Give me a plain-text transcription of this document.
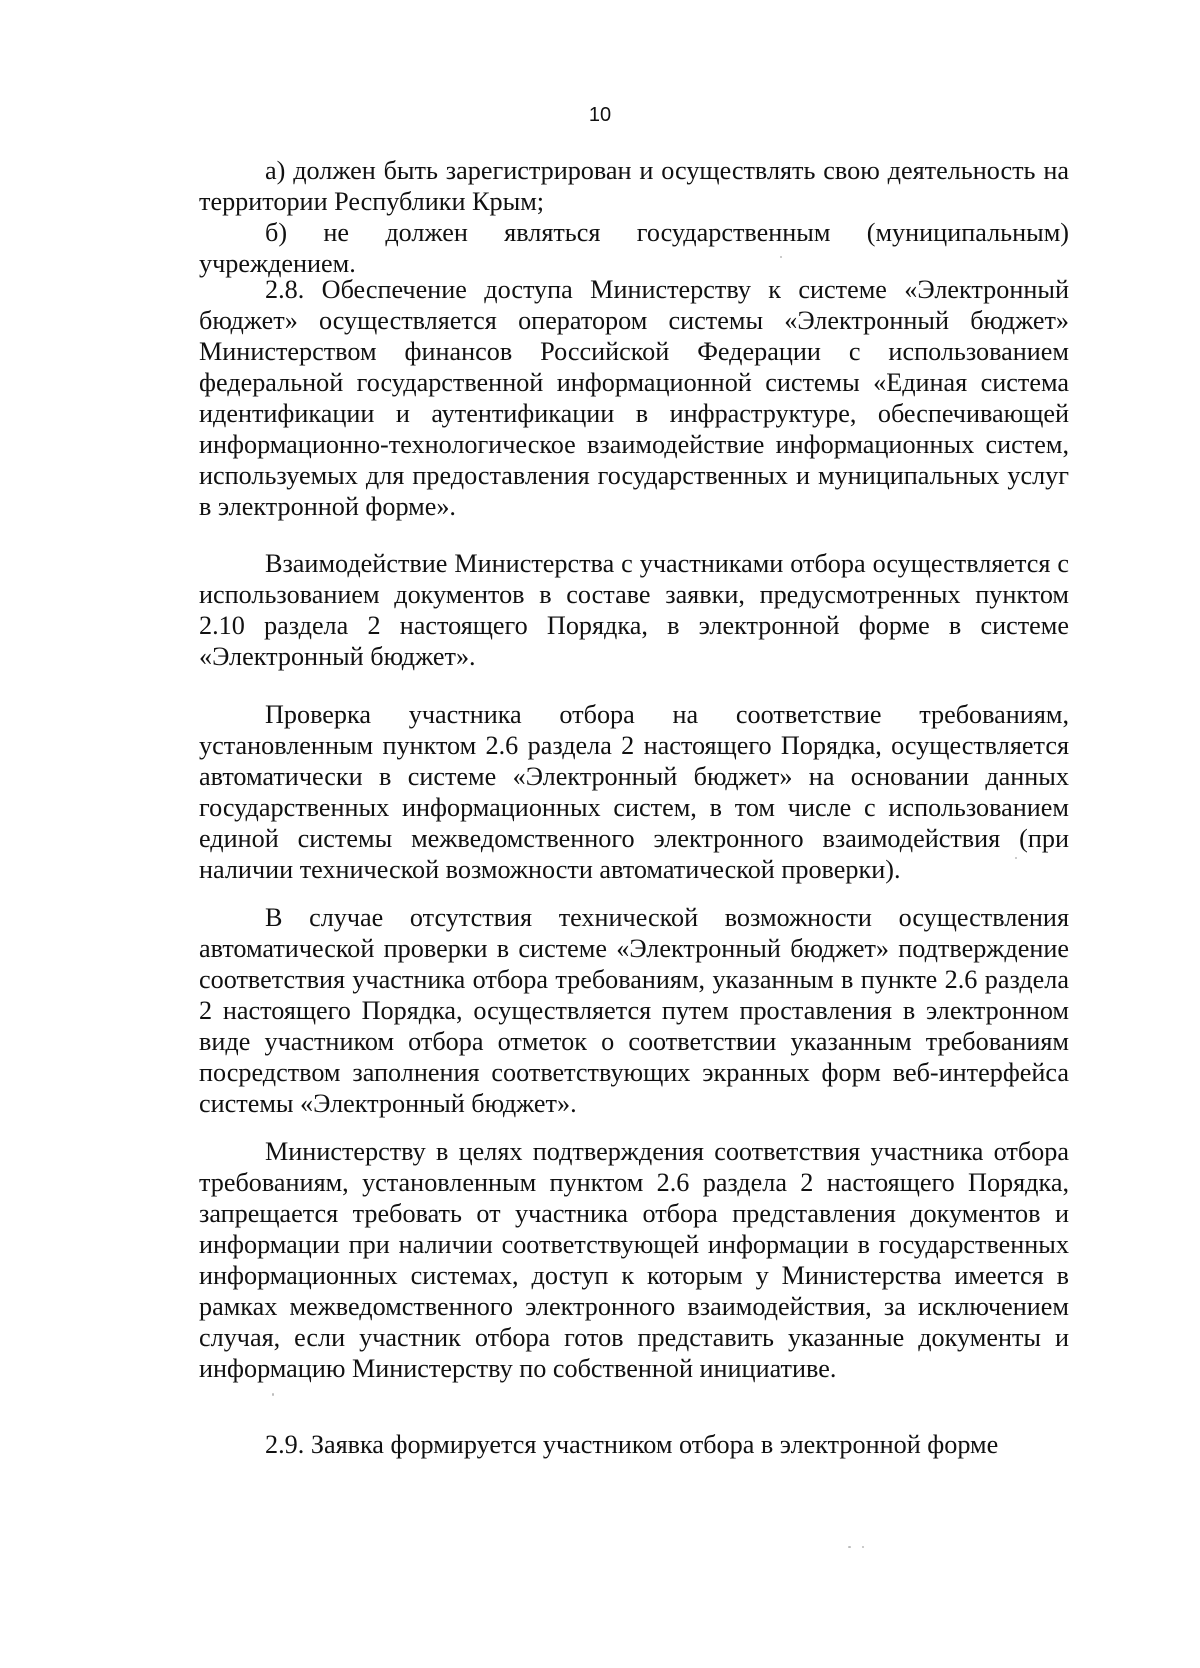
10

а) должен быть зарегистрирован и осуществлять свою деятельность на территории Республики Крым;

б) не должен являться государственным (муниципальным) учреждением.

2.8. Обеспечение доступа Министерству к системе «Электронный бюджет» осуществляется оператором системы «Электронный бюджет» Министерством финансов Российской Федерации с использованием федеральной государственной информационной системы «Единая система идентификации и аутентификации в инфраструктуре, обеспечивающей информационно-технологическое взаимодействие информационных систем, используемых для предоставления государственных и муниципальных услуг в электронной форме».

Взаимодействие Министерства с участниками отбора осуществляется с использованием документов в составе заявки, предусмотренных пунктом 2.10 раздела 2 настоящего Порядка, в электронной форме в системе «Электронный бюджет».

Проверка участника отбора на соответствие требованиям, установленным пунктом 2.6 раздела 2 настоящего Порядка, осуществляется автоматически в системе «Электронный бюджет» на основании данных государственных информационных систем, в том числе с использованием единой системы межведомственного электронного взаимодействия (при наличии технической возможности автоматической проверки).

В случае отсутствия технической возможности осуществления автоматической проверки в системе «Электронный бюджет» подтверждение соответствия участника отбора требованиям, указанным в пункте 2.6 раздела 2 настоящего Порядка, осуществляется путем проставления в электронном виде участником отбора отметок о соответствии указанным требованиям посредством заполнения соответствующих экранных форм веб-интерфейса системы «Электронный бюджет».

Министерству в целях подтверждения соответствия участника отбора требованиям, установленным пунктом 2.6 раздела 2 настоящего Порядка, запрещается требовать от участника отбора представления документов и информации при наличии соответствующей информации в государственных информационных системах, доступ к которым у Министерства имеется в рамках межведомственного электронного взаимодействия, за исключением случая, если участник отбора готов представить указанные документы и информацию Министерству по собственной инициативе.

2.9. Заявка формируется участником отбора в электронной форме
